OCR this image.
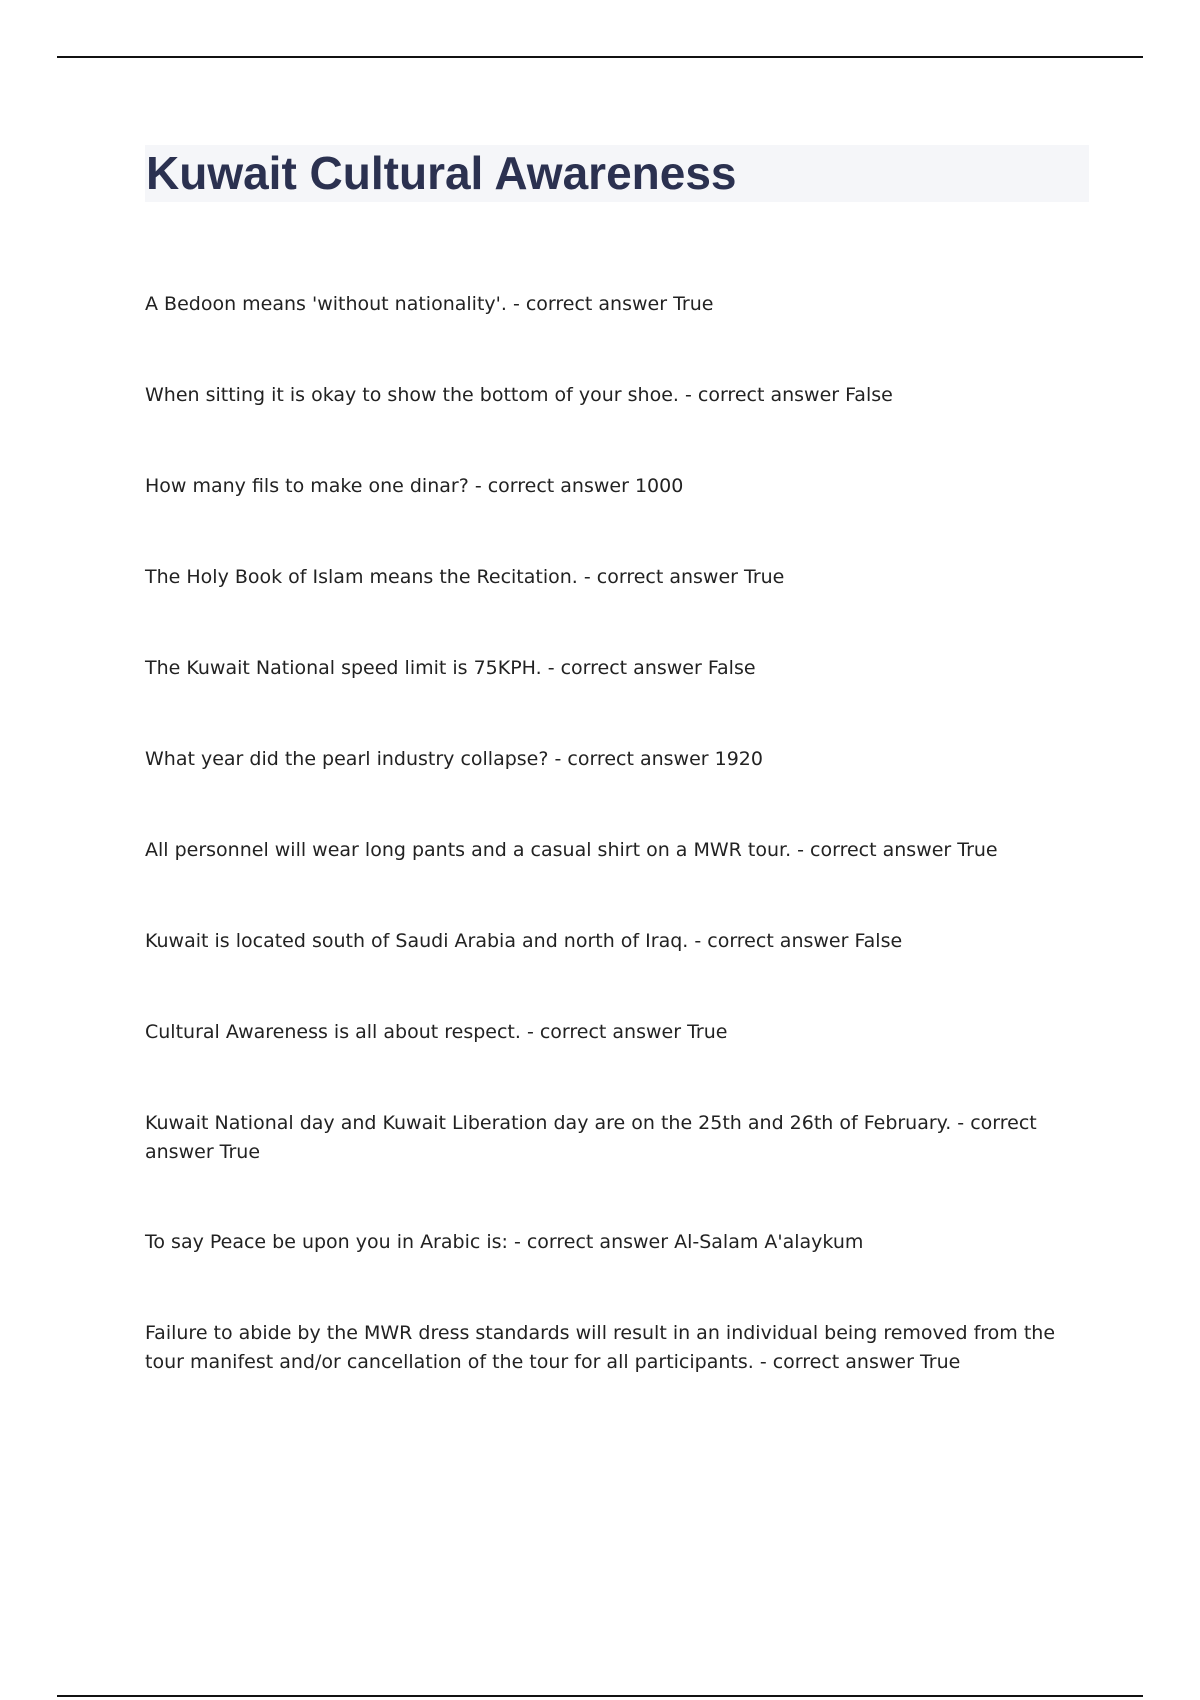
Kuwait Cultural Awareness
A Bedoon means 'without nationality'. - correct answer True
When sitting it is okay to show the bottom of your shoe. - correct answer False
How many fils to make one dinar? - correct answer 1000
The Holy Book of Islam means the Recitation. - correct answer True
The Kuwait National speed limit is 75KPH. - correct answer False
What year did the pearl industry collapse? - correct answer 1920
All personnel will wear long pants and a casual shirt on a MWR tour. - correct answer True
Kuwait is located south of Saudi Arabia and north of Iraq. - correct answer False
Cultural Awareness is all about respect. - correct answer True
Kuwait National day and Kuwait Liberation day are on the 25th and 26th of February. - correct answer True
To say Peace be upon you in Arabic is: - correct answer Al-Salam A'alaykum
Failure to abide by the MWR dress standards will result in an individual being removed from the tour manifest and/or cancellation of the tour for all participants. - correct answer True
